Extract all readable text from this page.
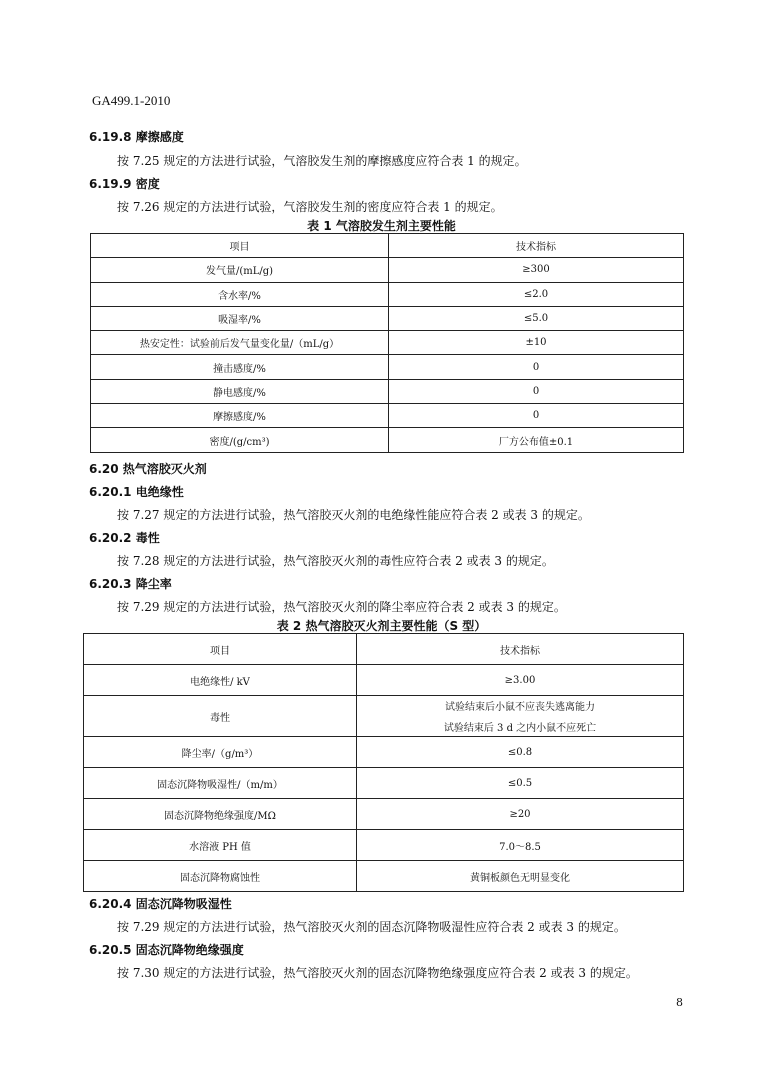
GA499.1-2010
6.19.8 摩擦感度
按 7.25 规定的方法进行试验，气溶胶发生剂的摩擦感度应符合表 1 的规定。
6.19.9 密度
按 7.26 规定的方法进行试验，气溶胶发生剂的密度应符合表 1 的规定。
表 1 气溶胶发生剂主要性能
项目	技术指标
发气量/(mL/g)	≥300
含水率/%	≤2.0
吸湿率/%	≤5.0
热安定性：试验前后发气量变化量/（mL/g）	±10
撞击感度/%	0
静电感度/%	0
摩擦感度/%	0
密度/(g/cm³)	厂方公布值±0.1
6.20 热气溶胶灭火剂
6.20.1 电绝缘性
按 7.27 规定的方法进行试验，热气溶胶灭火剂的电绝缘性能应符合表 2 或表 3 的规定。
6.20.2 毒性
按 7.28 规定的方法进行试验，热气溶胶灭火剂的毒性应符合表 2 或表 3 的规定。
6.20.3 降尘率
按 7.29 规定的方法进行试验，热气溶胶灭火剂的降尘率应符合表 2 或表 3 的规定。
表 2 热气溶胶灭火剂主要性能（S 型）
项目	技术指标
电绝缘性/ kV	≥3.00
毒性	试验结束后小鼠不应丧失逃离能力
试验结束后 3 d 之内小鼠不应死亡

降尘率/（g/m³）	≤0.8
固态沉降物吸湿性/（m/m）	≤0.5
固态沉降物绝缘强度/MΩ	≥20
水溶液 PH 值	7.0～8.5
固态沉降物腐蚀性	黄铜板颜色无明显变化
6.20.4 固态沉降物吸湿性
按 7.29 规定的方法进行试验，热气溶胶灭火剂的固态沉降物吸湿性应符合表 2 或表 3 的规定。
6.20.5 固态沉降物绝缘强度
按 7.30 规定的方法进行试验，热气溶胶灭火剂的固态沉降物绝缘强度应符合表 2 或表 3 的规定。
8
